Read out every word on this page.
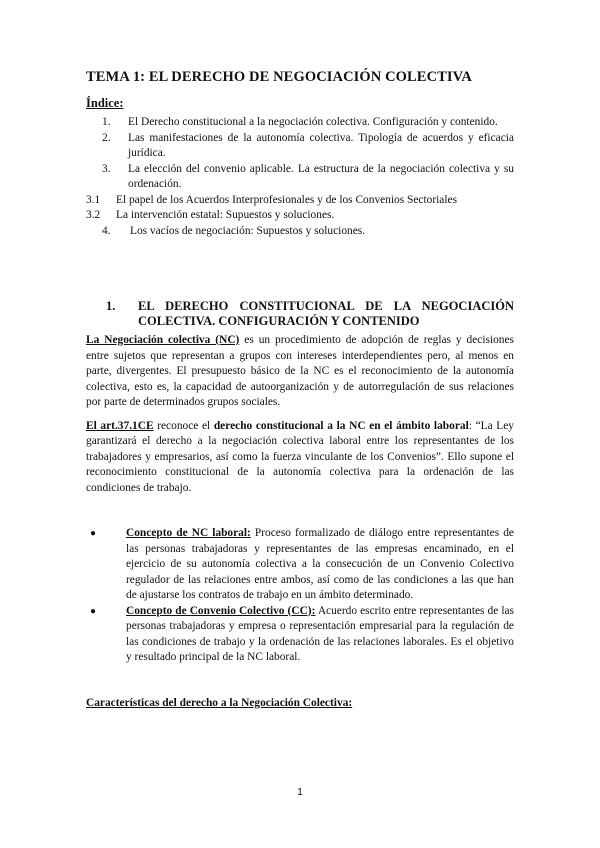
TEMA 1: EL DERECHO DE NEGOCIACIÓN COLECTIVA
Índice:
1.	El Derecho constitucional a la negociación colectiva. Configuración y contenido.
2.	Las manifestaciones de la autonomía colectiva. Tipología de acuerdos y eficacia jurídica.
3.	La elección del convenio aplicable. La estructura de la negociación colectiva y su ordenación.
3.1	El papel de los Acuerdos Interprofesionales y de los Convenios Sectoriales
3.2	La intervención estatal: Supuestos y soluciones.
4.	Los vacíos de negociación: Supuestos y soluciones.
1.	EL DERECHO CONSTITUCIONAL DE LA NEGOCIACIÓN COLECTIVA. CONFIGURACIÓN Y CONTENIDO

La Negociación colectiva (NC) es un procedimiento de adopción de reglas y decisiones entre sujetos que representan a grupos con intereses interdependientes pero, al menos en parte, divergentes. El presupuesto básico de la NC es el reconocimiento de la autonomía colectiva, esto es, la capacidad de autoorganización y de autorregulación de sus relaciones por parte de determinados grupos sociales.

El art.37.1CE reconoce el derecho constitucional a la NC en el ámbito laboral: “La Ley garantizará el derecho a la negociación colectiva laboral entre los representantes de los trabajadores y empresarios, así como la fuerza vinculante de los Convenios”. Ello supone el reconocimiento constitucional de la autonomía colectiva para la ordenación de las condiciones de trabajo.

●	Concepto de NC laboral: Proceso formalizado de diálogo entre representantes de las personas trabajadoras y representantes de las empresas encaminado, en el ejercicio de su autonomía colectiva a la consecución de un Convenio Colectivo regulador de las relaciones entre ambos, así como de las condiciones a las que han de ajustarse los contratos de trabajo en un ámbito determinado.
●	Concepto de Convenio Colectivo (CC): Acuerdo escrito entre representantes de las personas trabajadoras y empresa o representación empresarial para la regulación de las condiciones de trabajo y la ordenación de las relaciones laborales. Es el objetivo y resultado principal de la NC laboral.
Características del derecho a la Negociación Colectiva:
1
